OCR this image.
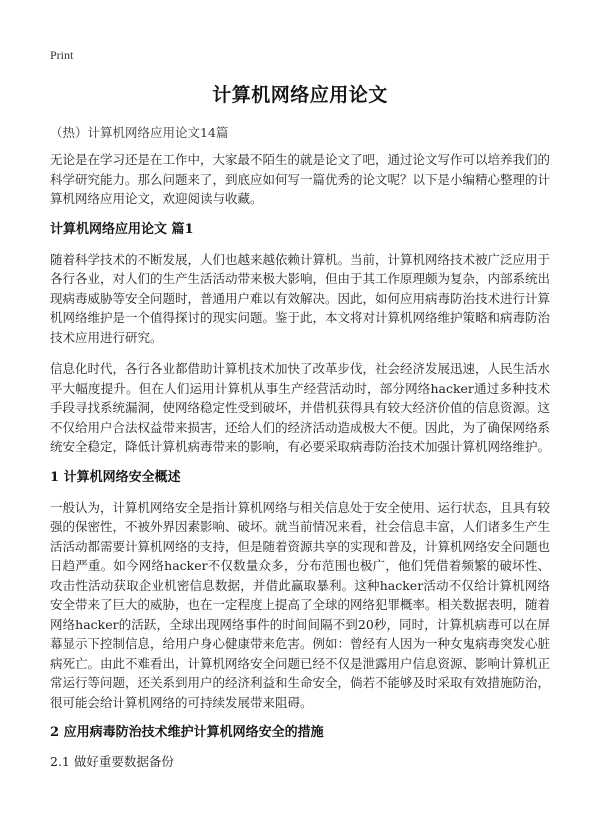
Print
计算机网络应用论文
（热）计算机网络应用论文14篇

无论是在学习还是在工作中，大家最不陌生的就是论文了吧，通过论文写作可以培养我们的科学研究能力。那么问题来了，到底应如何写一篇优秀的论文呢？以下是小编精心整理的计算机网络应用论文，欢迎阅读与收藏。

计算机网络应用论文 篇1

随着科学技术的不断发展，人们也越来越依赖计算机。当前，计算机网络技术被广泛应用于各行各业，对人们的生产生活活动带来极大影响，但由于其工作原理颇为复杂，内部系统出现病毒威胁等安全问题时，普通用户难以有效解决。因此，如何应用病毒防治技术进行计算机网络维护是一个值得探讨的现实问题。鉴于此，本文将对计算机网络维护策略和病毒防治技术应用进行研究。

信息化时代，各行各业都借助计算机技术加快了改革步伐，社会经济发展迅速，人民生活水平大幅度提升。但在人们运用计算机从事生产经营活动时，部分网络hacker通过多种技术手段寻找系统漏洞，使网络稳定性受到破坏，并借机获得具有较大经济价值的信息资源。这不仅给用户合法权益带来损害，还给人们的经济活动造成极大不便。因此，为了确保网络系统安全稳定，降低计算机病毒带来的影响，有必要采取病毒防治技术加强计算机网络维护。

1 计算机网络安全概述

一般认为，计算机网络安全是指计算机网络与相关信息处于安全使用、运行状态，且具有较强的保密性，不被外界因素影响、破坏。就当前情况来看，社会信息丰富，人们诸多生产生活活动都需要计算机网络的支持，但是随着资源共享的实现和普及，计算机网络安全问题也日趋严重。如今网络hacker不仅数量众多，分布范围也极广，他们凭借着频繁的破坏性、攻击性活动获取企业机密信息数据，并借此赢取暴利。这种hacker活动不仅给计算机网络安全带来了巨大的威胁，也在一定程度上提高了全球的网络犯罪概率。相关数据表明，随着网络hacker的活跃，全球出现网络事件的时间间隔不到20秒，同时，计算机病毒可以在屏幕显示下控制信息，给用户身心健康带来危害。例如：曾经有人因为一种女鬼病毒突发心脏病死亡。由此不难看出，计算机网络安全问题已经不仅是泄露用户信息资源、影响计算机正常运行等问题，还关系到用户的经济利益和生命安全，倘若不能够及时采取有效措施防治，很可能会给计算机网络的可持续发展带来阻碍。

2 应用病毒防治技术维护计算机网络安全的措施
2.1 做好重要数据备份
